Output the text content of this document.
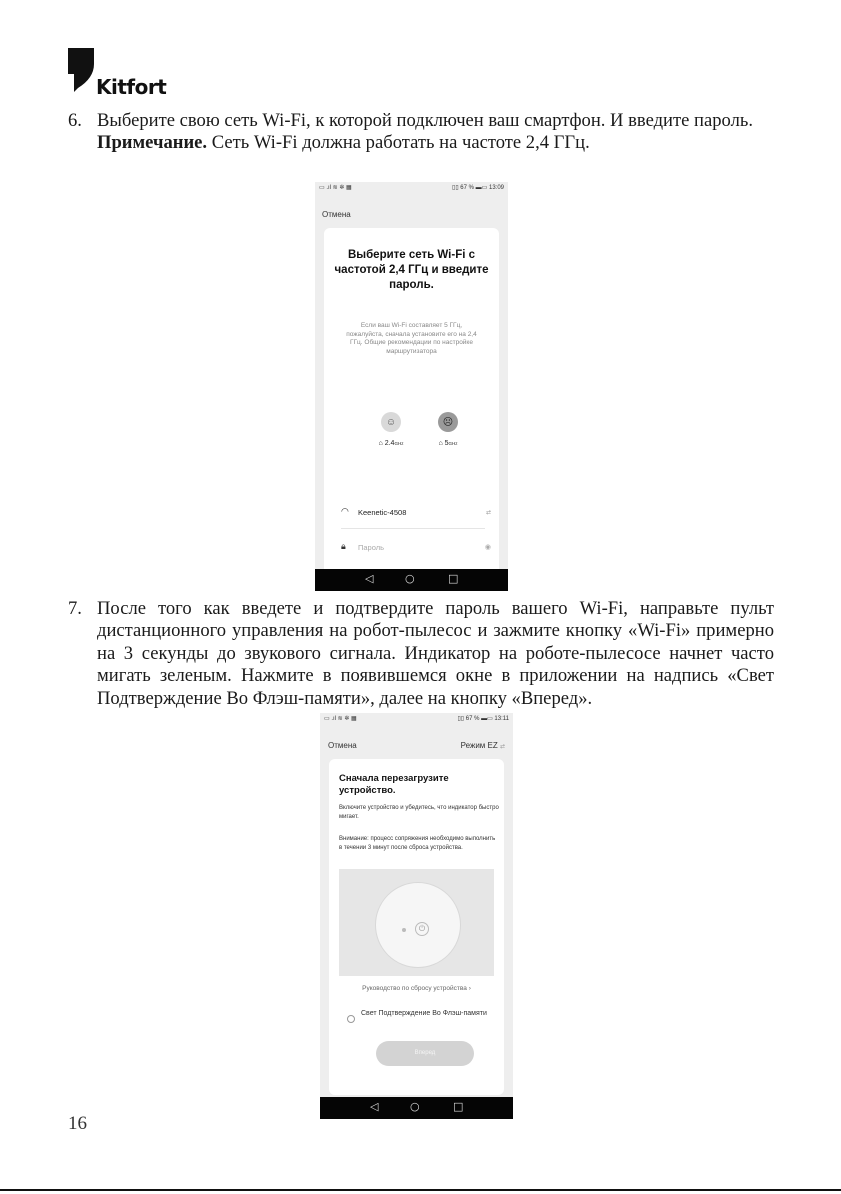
Kitfort
6. Выберите свою сеть Wi-Fi, к которой подключен ваш смартфон. И введите пароль.
Примечание. Сеть Wi-Fi должна работать на частоте 2,4 ГГц.
▭ .ıl ≋ ✲ ▦	▯▯ 67 % ▬▭ 13:09
Отмена
Выберите сеть Wi-Fi с частотой 2,4 ГГц и введите пароль.
Если ваш Wi-Fi составляет 5 ГГц, пожалуйста, сначала установите его на 2,4 ГГц. Общие рекомендации по настройке маршрутизатора
☺
⌂ 2.4GHz
☹
⌂ 5GHz
◠ Keenetic-4508	⇄
🔒︎ Пароль	◉
◁	○	□
7. После того как введете и подтвердите пароль вашего Wi-Fi, направьте пульт дистанционного управления на робот-пылесос и зажмите кнопку «Wi-Fi» примерно на 3 секунды до звукового сигнала. Индикатор на роботе-пылесосе начнет часто мигать зеленым. Нажмите в появившемся окне в приложении на надпись «Свет Подтверждение Во Флэш-памяти», далее на кнопку «Вперед».
▭ .ıl ≋ ✲ ▦	▯▯ 67 % ▬▭ 13:11
Отмена	Режим EZ ⇄
Сначала перезагрузите устройство.
Включите устройство и убедитесь, что индикатор быстро мигает.
Внимание: процесс сопряжения необходимо выполнить в течении 3 минут после сброса устройства.
⏻
Руководство по сбросу устройства ›
Свет Подтверждение Во Флэш-памяти
Вперед
◁	○	□
16
